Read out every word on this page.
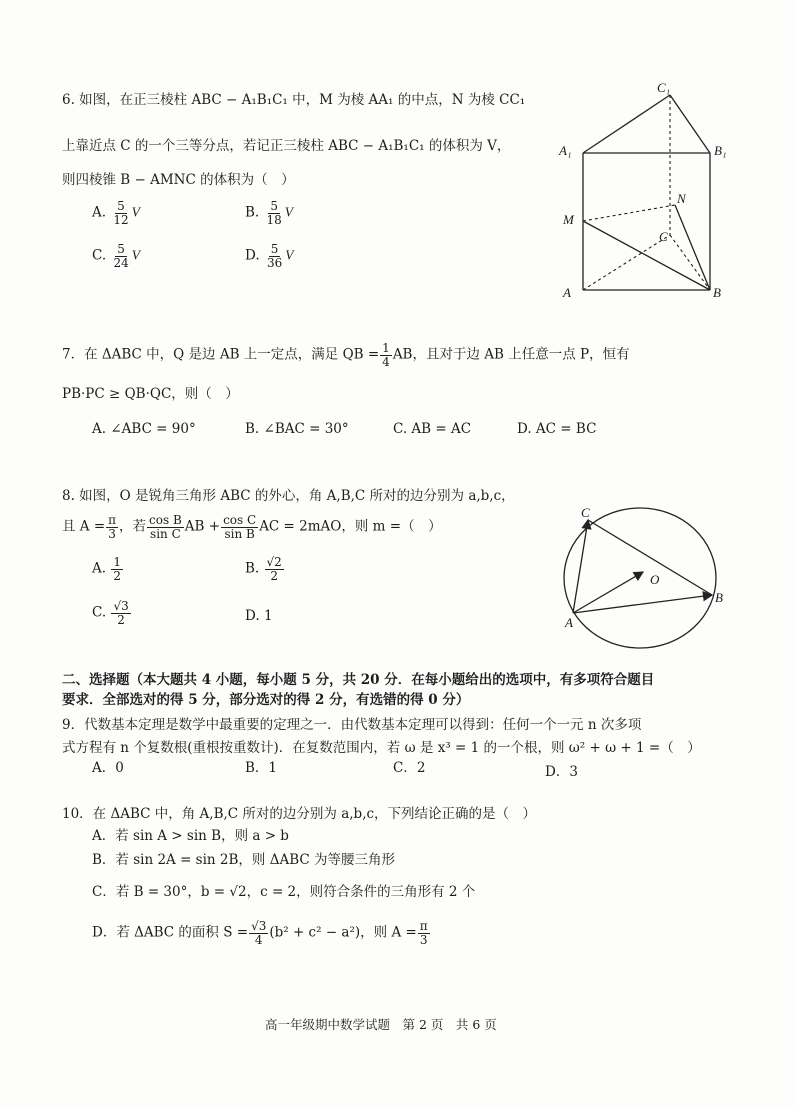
6. 如图，在正三棱柱 ABC − A₁B₁C₁ 中，M 为棱 AA₁ 的中点，N 为棱 CC₁
上靠近点 C 的一个三等分点，若记正三棱柱 ABC − A₁B₁C₁ 的体积为 V，
则四棱锥 B − AMNC 的体积为（　）
A. $\frac{5}{12}$ V	B. $\frac{5}{18}$ V
C. $\frac{5}{24}$ V	D. $\frac{5}{36}$ V
C₁
A₁	B₁
N
M
C
A	B
7．在 ΔABC 中，Q 是边 AB 上一定点，满足 QB = $\frac{1}{4}$ AB，且对于边 AB 上任意一点 P，恒有
PB·PC ≥ QB·QC，则（　）
A. ∠ABC = 90°	B. ∠BAC = 30°	C. AB = AC	D. AC = BC
8. 如图，O 是锐角三角形 ABC 的外心，角 A,B,C 所对的边分别为 a,b,c，
且 $A = \frac{\pi}{3}$ ，若 $\frac{\text{cos B}}{\text{sin C}}$ AB + $\frac{\text{cos C}}{\text{sin B}}$ AC = 2mAO，则 m =（　）
A. $\frac{1}{2}$	B. $\frac{√2}{2}$
C. $\frac{√3}{2}$	D. 1
C
O
B
A
二、选择题（本大题共 4 小题，每小题 5 分，共 20 分．在每小题给出的选项中，有多项符合题目
要求．全部选对的得 5 分，部分选对的得 2 分，有选错的得 0 分）
9．代数基本定理是数学中最重要的定理之一．由代数基本定理可以得到：任何一个一元 n 次多项
式方程有 n 个复数根(重根按重数计)．在复数范围内，若 ω 是 x³ = 1 的一个根，则 ω² + ω + 1 =（　）
A．0	B．1	C．2	D．3
10．在 ΔABC 中，角 A,B,C 所对的边分别为 a,b,c，下列结论正确的是（　）
A．若 sin A > sin B，则 a > b
B．若 sin 2A = sin 2B，则 ΔABC 为等腰三角形
C．若 B = 30°，b = √2，c = 2，则符合条件的三角形有 2 个
D．若 ΔABC 的面积 $S = \frac{√3}{4} (b^2 + c^2 - a^2)$，则 $A = \frac{\pi}{3}$
高一年级期中数学试题　第 2 页　共 6 页
